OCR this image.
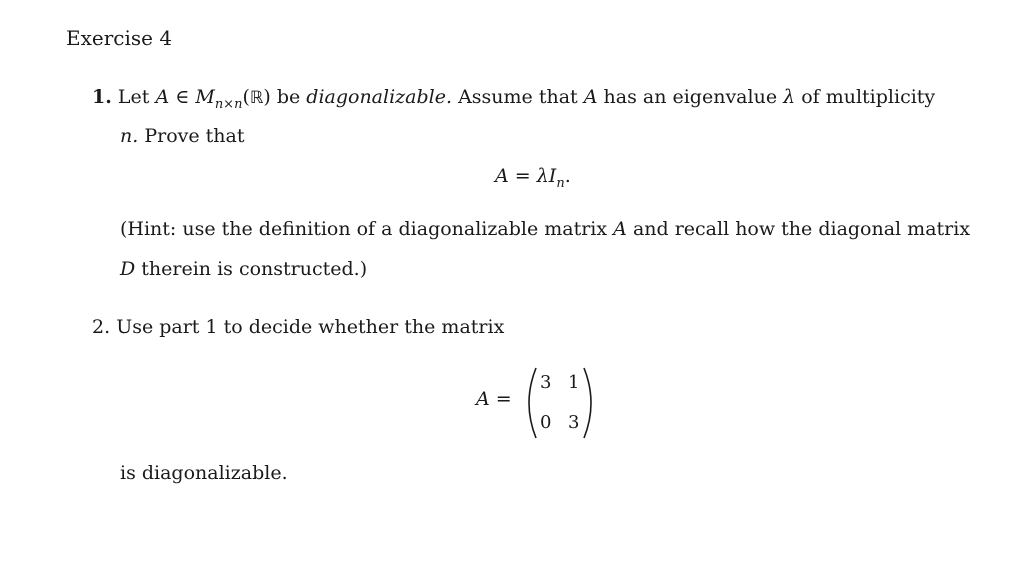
Exercise 4
1. Let A ∈ $M_{n\times n}(ℝ)$ be diagonalizable. Assume that A has an eigenvalue λ of multiplicity
n. Prove that
$A = \lambda I_n$.
(Hint: use the definition of a diagonalizable matrix A and recall how the diagonal matrix
D therein is constructed.)
2. Use part 1 to decide whether the matrix
A =
3 1
0 3
is diagonalizable.
